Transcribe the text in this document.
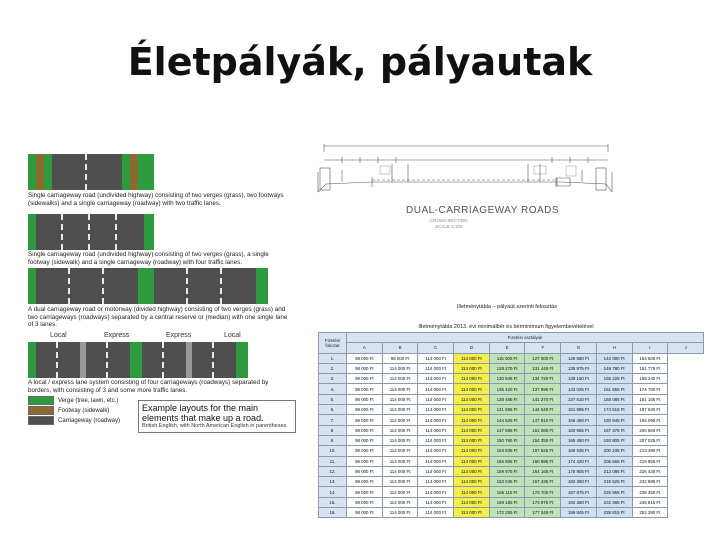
Életpályák, pályautak
Single carriageway road (undivided highway) consisting of two verges (grass), two footways (sidewalks) and a single carriageway (roadway) with two traffic lanes.
Single carriageway road (undivided highway) consisting of two verges (grass), a single footway (sidewalk) and a single carriageway (roadway) with four traffic lanes.
A dual carriageway road or motorway (divided highway) consisting of two verges (grass) and two carriageways (roadways) separated by a central reserve or (median) with one single lane of 3 lanes.
Local	Express	Express	Local
A local / express lane system consisting of four carriageways (roadways) separated by borders, with consisting of 3 and some more traffic lanes.
Verge (tree, lawn, etc.)
Footway (sidewalk)
Carriageway (roadway)
Example layouts for the main elements that make up a road.
British English, with North American English in parentheses.
DUAL-CARRIAGEWAY ROADS
CROSS-SECTION
SCALE 1:100
Illetménytábla – pályaút szerinti felosztás
Illetménytábla 2013. évi minimálbér és bérminimum figyelembevételével
Fizetési fokozat	Fizetési osztályok									
	A	B	C	D	E	F	G	H	I	J
1.	98 000 Ft	98 000 Ft	114 000 Ft	114 000 Ft	115 000 Ft	127 000 Ft	129 580 Ft	142 000 Ft	154 500 Ft	
2.	98 000 Ft	114 000 Ft	114 000 Ft	114 000 Ft	128 270 Ft	131 445 Ft	135 975 Ft	148 780 Ft	161 775 Ft	
3.	98 000 Ft	114 000 Ft	114 000 Ft	114 000 Ft	130 845 Ft	134 720 Ft	139 160 Ft	155 225 Ft	168 240 Ft	
4.	98 000 Ft	114 000 Ft	114 000 Ft	114 000 Ft	135 420 Ft	137 995 Ft	143 025 Ft	161 655 Ft	174 700 Ft	
5.	98 000 Ft	114 000 Ft	114 000 Ft	114 000 Ft	138 485 Ft	141 270 Ft	147 510 Ft	168 085 Ft	181 165 Ft	
6.	98 000 Ft	114 000 Ft	114 000 Ft	114 000 Ft	141 555 Ft	144 540 Ft	151 995 Ft	174 515 Ft	187 630 Ft	
7.	98 000 Ft	114 000 Ft	114 000 Ft	114 000 Ft	144 625 Ft	147 810 Ft	156 480 Ft	180 945 Ft	194 095 Ft	
8.	98 000 Ft	114 000 Ft	114 000 Ft	114 000 Ft	147 695 Ft	151 085 Ft	160 965 Ft	187 375 Ft	200 560 Ft	
9.	98 000 Ft	114 000 Ft	114 000 Ft	114 000 Ft	150 765 Ft	154 355 Ft	165 450 Ft	193 805 Ft	207 025 Ft	
10.	98 000 Ft	114 000 Ft	114 000 Ft	114 000 Ft	153 835 Ft	157 625 Ft	169 935 Ft	200 235 Ft	213 490 Ft	
11.	98 000 Ft	114 000 Ft	114 000 Ft	114 000 Ft	156 905 Ft	160 895 Ft	174 420 Ft	206 665 Ft	219 955 Ft	
12.	98 000 Ft	114 000 Ft	114 000 Ft	114 000 Ft	159 975 Ft	164 165 Ft	178 905 Ft	213 095 Ft	226 420 Ft	
13.	98 000 Ft	114 000 Ft	114 000 Ft	114 000 Ft	163 045 Ft	167 435 Ft	183 390 Ft	219 525 Ft	232 885 Ft	
14.	98 000 Ft	114 000 Ft	114 000 Ft	114 000 Ft	166 115 Ft	170 705 Ft	187 875 Ft	225 955 Ft	239 350 Ft	
15.	98 000 Ft	114 000 Ft	114 000 Ft	114 000 Ft	169 185 Ft	173 975 Ft	192 360 Ft	232 385 Ft	245 815 Ft	
16.	98 000 Ft	114 000 Ft	114 000 Ft	114 000 Ft	172 255 Ft	177 245 Ft	196 845 Ft	238 815 Ft	252 280 Ft	
